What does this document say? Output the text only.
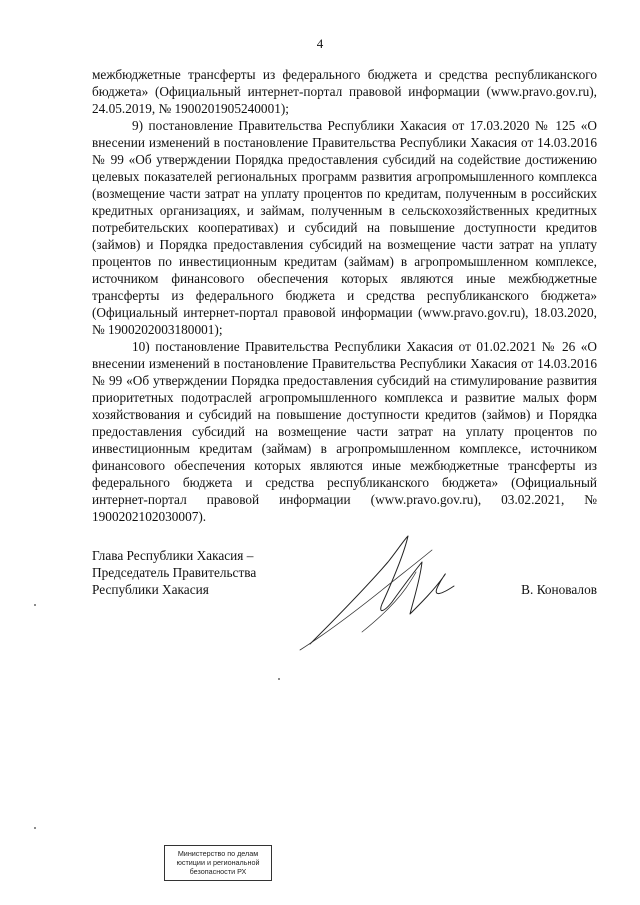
4

межбюджетные трансферты из федерального бюджета и средства республиканского бюджета» (Официальный интернет-портал правовой информации (www.pravo.gov.ru), 24.05.2019, № 1900201905240001);

9) постановление Правительства Республики Хакасия от 17.03.2020 № 125 «О внесении изменений в постановление Правительства Республики Хакасия от 14.03.2016 № 99 «Об утверждении Порядка предоставления субсидий на содействие достижению целевых показателей региональных программ развития агропромышленного комплекса (возмещение части затрат на уплату процентов по кредитам, полученным в российских кредитных организациях, и займам, полученным в сельскохозяйственных кредитных потребительских кооперативах) и субсидий на повышение доступности кредитов (займов) и Порядка предоставления субсидий на возмещение части затрат на уплату процентов по инвестиционным кредитам (займам) в агропромышленном комплексе, источником финансового обеспечения которых являются иные межбюджетные трансферты из федерального бюджета и средства республиканского бюджета» (Официальный интернет-портал правовой информации (www.pravo.gov.ru), 18.03.2020, № 1900202003180001);

10) постановление Правительства Республики Хакасия от 01.02.2021 № 26 «О внесении изменений в постановление Правительства Республики Хакасия от 14.03.2016 № 99 «Об утверждении Порядка предоставления субсидий на стимулирование развития приоритетных подотраслей агропромышленного комплекса и развитие малых форм хозяйствования и субсидий на повышение доступности кредитов (займов) и Порядка предоставления субсидий на возмещение части затрат на уплату процентов по инвестиционным кредитам (займам) в агропромышленном комплексе, источником финансового обеспечения которых являются иные межбюджетные трансферты из федерального бюджета и средства республиканского бюджета» (Официальный интернет-портал правовой информации (www.pravo.gov.ru), 03.02.2021, № 1900202102030007).

Глава Республики Хакасия –
Председатель Правительства
Республики Хакасия	В. Коновалов
Министерство по делам
юстиции и региональной
безопасности РХ
